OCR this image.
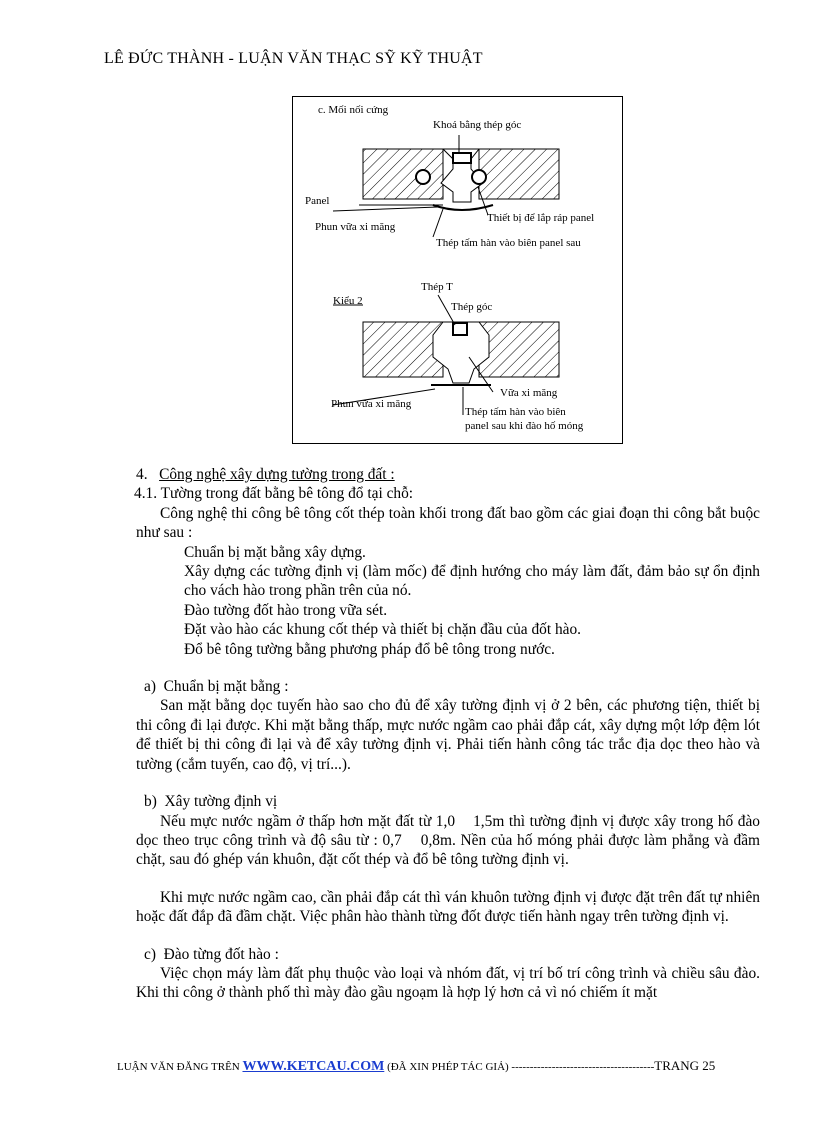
LÊ ĐỨC THÀNH - LUẬN VĂN THẠC SỸ KỸ THUẬT
c. Mối nối cứng
Khoá bằng thép góc
Panel
Thiết bị để lắp ráp panel
Phun vữa xi măng
Thép tấm hàn vào biên panel sau
Thép T
Kiểu 2	Thép góc
Vữa xi măng
Phun vữa xi măng
Thép tấm hàn vào biên
panel sau khi đào hố móng

4. Công nghệ xây dựng tường trong đất :

4.1. Tường trong đất bằng bê tông đổ tại chỗ:

Công nghệ thi công bê tông cốt thép toàn khối trong đất bao gồm các giai đoạn thi công bắt buộc như sau :

Chuẩn bị mặt bằng xây dựng.

Xây dựng các tường định vị (làm mốc) để định hướng cho máy làm đất, đảm bảo sự ổn định cho vách hào trong phần trên của nó.

Đào tường đốt hào trong vữa sét.

Đặt vào hào các khung cốt thép và thiết bị chặn đầu của đốt hào.

Đổ bê tông tường bằng phương pháp đổ bê tông trong nước.

a) Chuẩn bị mặt bằng :

San mặt bằng dọc tuyến hào sao cho đủ để xây tường định vị ở 2 bên, các phương tiện, thiết bị thi công đi lại được. Khi mặt bằng thấp, mực nước ngầm cao phải đắp cát, xây dựng một lớp đệm lót để thiết bị thi công đi lại và để xây tường định vị. Phải tiến hành công tác trắc địa dọc theo hào và tường (cắm tuyến, cao độ, vị trí...).

b) Xây tường định vị

Nếu mực nước ngầm ở thấp hơn mặt đất từ 1,0    1,5m thì tường định vị được xây trong hố đào dọc theo trục công trình và độ sâu từ : 0,7    0,8m. Nền của hố móng phải được làm phẳng và đầm chặt, sau đó ghép ván khuôn, đặt cốt thép và đổ bê tông tường định vị.

Khi mực nước ngầm cao, cần phải đắp cát thì ván khuôn tường định vị được đặt trên đất tự nhiên hoặc đất đắp đã đầm chặt. Việc phân hào thành từng đốt được tiến hành ngay trên tường định vị.

c) Đào từng đốt hào :

Việc chọn máy làm đất phụ thuộc vào loại và nhóm đất, vị trí bố trí công trình và chiều sâu đào. Khi thi công ở thành phố thì mày đào gầu ngoạm là hợp lý hơn cả vì nó chiếm ít mặt

LUẬN VĂN ĐĂNG TRÊN WWW.KETCAU.COM (ĐÃ XIN PHÉP TÁC GIẢ) ---------------------------------------TRANG 25
